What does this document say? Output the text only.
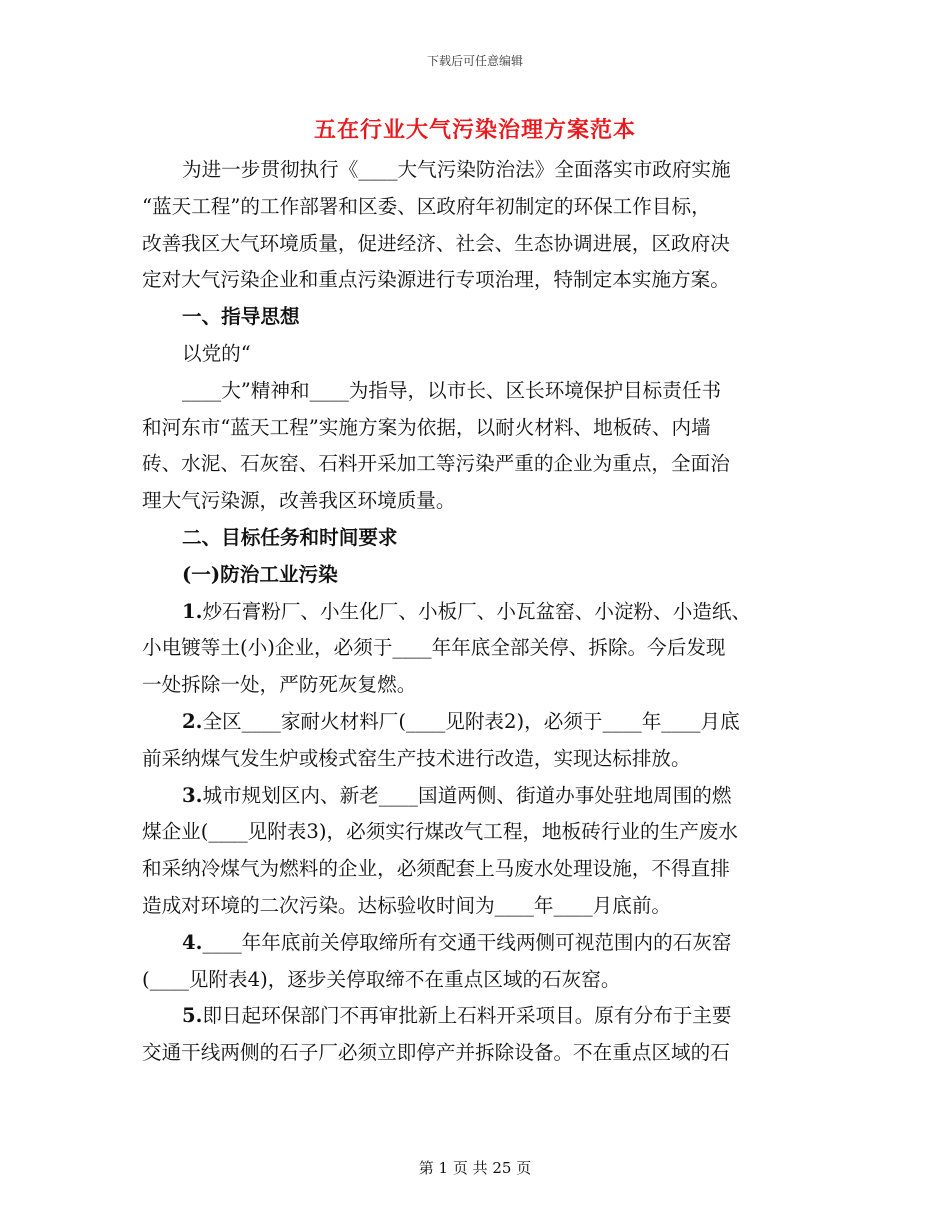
下载后可任意编辑
五在行业大气污染治理方案范本
为进一步贯彻执行《____大气污染防治法》全面落实市政府实施
“蓝天工程”的工作部署和区委、区政府年初制定的环保工作目标，
改善我区大气环境质量，促进经济、社会、生态协调进展，区政府决
定对大气污染企业和重点污染源进行专项治理，特制定本实施方案。
一、指导思想
以党的“
____大”精神和____为指导，以市长、区长环境保护目标责任书
和河东市“蓝天工程”实施方案为依据，以耐火材料、地板砖、内墙
砖、水泥、石灰窑、石料开采加工等污染严重的企业为重点，全面治
理大气污染源，改善我区环境质量。
二、目标任务和时间要求
(一)防治工业污染
1.炒石膏粉厂、小生化厂、小板厂、小瓦盆窑、小淀粉、小造纸、
小电镀等土(小)企业，必须于____年年底全部关停、拆除。今后发现
一处拆除一处，严防死灰复燃。
2.全区____家耐火材料厂(____见附表2)，必须于____年____月底
前采纳煤气发生炉或梭式窑生产技术进行改造，实现达标排放。
3.城市规划区内、新老____国道两侧、街道办事处驻地周围的燃
煤企业(____见附表3)，必须实行煤改气工程，地板砖行业的生产废水
和采纳冷煤气为燃料的企业，必须配套上马废水处理设施，不得直排
造成对环境的二次污染。达标验收时间为____年____月底前。
4.____年年底前关停取缔所有交通干线两侧可视范围内的石灰窑
(____见附表4)，逐步关停取缔不在重点区域的石灰窑。
5.即日起环保部门不再审批新上石料开采项目。原有分布于主要
交通干线两侧的石子厂必须立即停产并拆除设备。不在重点区域的石
第 1 页 共 25 页
